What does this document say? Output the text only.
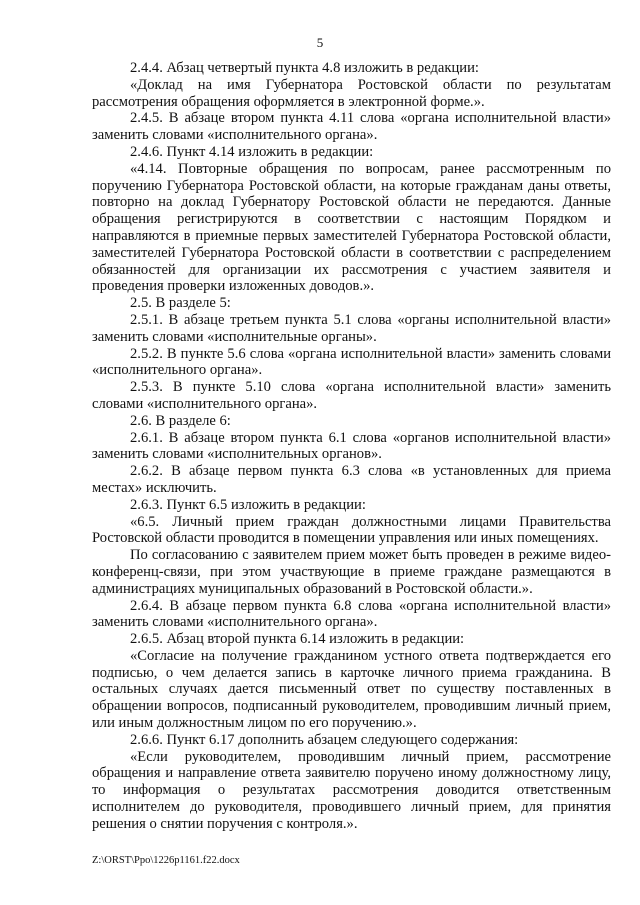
5

2.4.4. Абзац четвертый пункта 4.8 изложить в редакции:

«Доклад на имя Губернатора Ростовской области по результатам рассмотрения обращения оформляется в электронной форме.».

2.4.5. В абзаце втором пункта 4.11 слова «органа исполнительной власти» заменить словами «исполнительного органа».

2.4.6. Пункт 4.14 изложить в редакции:

«4.14. Повторные обращения по вопросам, ранее рассмотренным по поручению Губернатора Ростовской области, на которые гражданам даны ответы, повторно на доклад Губернатору Ростовской области не передаются. Данные обращения регистрируются в соответствии с настоящим Порядком и направляются в приемные первых заместителей Губернатора Ростовской области, заместителей Губернатора Ростовской области в соответствии с распределением обязанностей для организации их рассмотрения с участием заявителя и проведения проверки изложенных доводов.».

2.5. В разделе 5:

2.5.1. В абзаце третьем пункта 5.1 слова «органы исполнительной власти» заменить словами «исполнительные органы».

2.5.2. В пункте 5.6 слова «органа исполнительной власти» заменить словами «исполнительного органа».

2.5.3. В пункте 5.10 слова «органа исполнительной власти» заменить словами «исполнительного органа».

2.6. В разделе 6:

2.6.1. В абзаце втором пункта 6.1 слова «органов исполнительной власти» заменить словами «исполнительных органов».

2.6.2. В абзаце первом пункта 6.3 слова «в установленных для приема местах» исключить.

2.6.3. Пункт 6.5 изложить в редакции:

«6.5. Личный прием граждан должностными лицами Правительства Ростовской области проводится в помещении управления или иных помещениях.

По согласованию с заявителем прием может быть проведен в режиме видео-конференц-связи, при этом участвующие в приеме граждане размещаются в администрациях муниципальных образований в Ростовской области.».

2.6.4. В абзаце первом пункта 6.8 слова «органа исполнительной власти» заменить словами «исполнительного органа».

2.6.5. Абзац второй пункта 6.14 изложить в редакции:

«Согласие на получение гражданином устного ответа подтверждается его подписью, о чем делается запись в карточке личного приема гражданина. В остальных случаях дается письменный ответ по существу поставленных в обращении вопросов, подписанный руководителем, проводившим личный прием, или иным должностным лицом по его поручению.».

2.6.6. Пункт 6.17 дополнить абзацем следующего содержания:

«Если руководителем, проводившим личный прием, рассмотрение обращения и направление ответа заявителю поручено иному должностному лицу, то информация о результатах рассмотрения доводится ответственным исполнителем до руководителя, проводившего личный прием, для принятия решения о снятии поручения с контроля.».

Z:\ORST\Ppo\1226p1161.f22.docx
